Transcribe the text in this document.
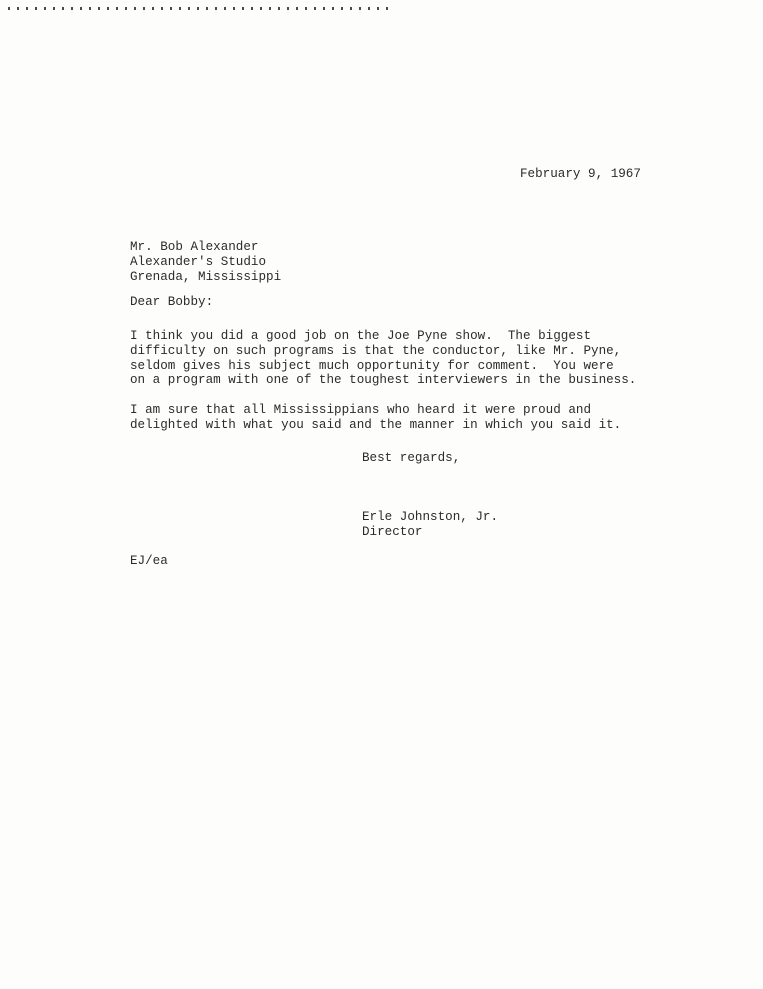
February 9, 1967
Mr. Bob Alexander
Alexander's Studio
Grenada, Mississippi
Dear Bobby:
I think you did a good job on the Joe Pyne show.  The biggest
difficulty on such programs is that the conductor, like Mr. Pyne,
seldom gives his subject much opportunity for comment.  You were
on a program with one of the toughest interviewers in the business.
I am sure that all Mississippians who heard it were proud and
delighted with what you said and the manner in which you said it.
Best regards,
Erle Johnston, Jr.
Director
EJ/ea
